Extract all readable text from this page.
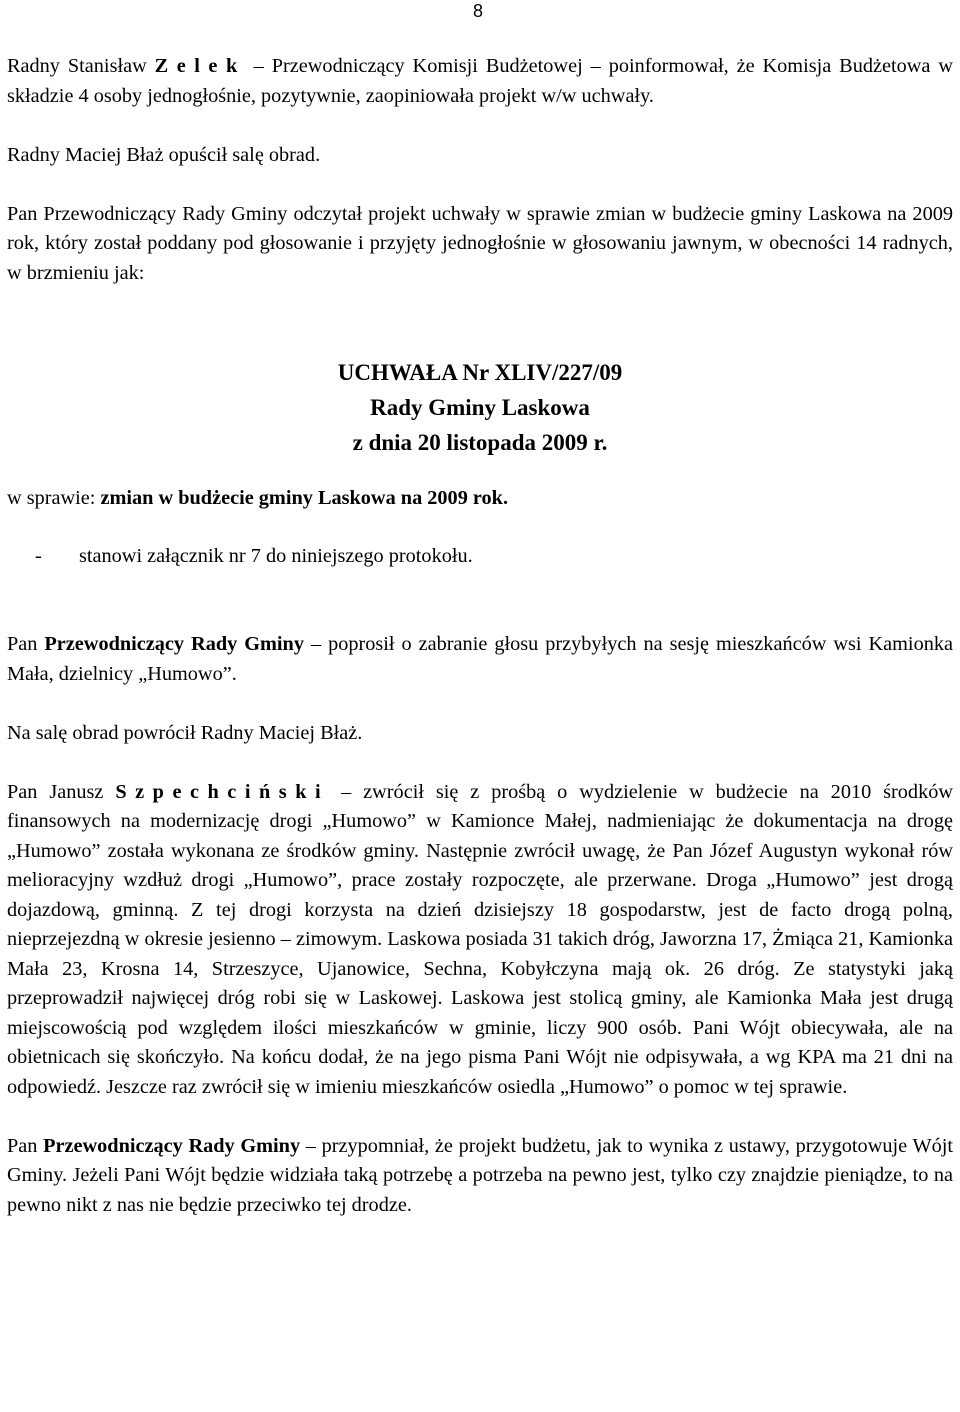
8

Radny Stanisław Zelek – Przewodniczący Komisji Budżetowej – poinformował, że Komisja Budżetowa w składzie 4 osoby jednogłośnie, pozytywnie, zaopiniowała projekt w/w uchwały.

Radny Maciej Błaż opuścił salę obrad.

Pan Przewodniczący Rady Gminy odczytał projekt uchwały w sprawie zmian w budżecie gminy Laskowa na 2009 rok, który został poddany pod głosowanie i przyjęty jednogłośnie w głosowaniu jawnym, w obecności 14 radnych, w brzmieniu jak:

UCHWAŁA Nr XLIV/227/09
Rady Gminy Laskowa
z dnia 20 listopada 2009 r.

w sprawie: zmian w budżecie gminy Laskowa na 2009 rok.

- stanowi załącznik nr 7 do niniejszego protokołu.

Pan Przewodniczący Rady Gminy – poprosił o zabranie głosu przybyłych na sesję mieszkańców wsi Kamionka Mała, dzielnicy „Humowo”.

Na salę obrad powrócił Radny Maciej Błaż.

Pan Janusz Szpechciński – zwrócił się z prośbą o wydzielenie w budżecie na 2010 środków finansowych na modernizację drogi „Humowo” w Kamionce Małej, nadmieniając że dokumentacja na drogę „Humowo” została wykonana ze środków gminy. Następnie zwrócił uwagę, że Pan Józef Augustyn wykonał rów melioracyjny wzdłuż drogi „Humowo”, prace zostały rozpoczęte, ale przerwane. Droga „Humowo” jest drogą dojazdową, gminną. Z tej drogi korzysta na dzień dzisiejszy 18 gospodarstw, jest de facto drogą polną, nieprzejezdną w okresie jesienno – zimowym. Laskowa posiada 31 takich dróg, Jaworzna 17, Żmiąca 21, Kamionka Mała 23, Krosna 14, Strzeszyce, Ujanowice, Sechna, Kobyłczyna mają ok. 26 dróg. Ze statystyki jaką przeprowadził najwięcej dróg robi się w Laskowej. Laskowa jest stolicą gminy, ale Kamionka Mała jest drugą miejscowością pod względem ilości mieszkańców w gminie, liczy 900 osób. Pani Wójt obiecywała, ale na obietnicach się skończyło. Na końcu dodał, że na jego pisma Pani Wójt nie odpisywała, a wg KPA ma 21 dni na odpowiedź. Jeszcze raz zwrócił się w imieniu mieszkańców osiedla „Humowo” o pomoc w tej sprawie.

Pan Przewodniczący Rady Gminy – przypomniał, że projekt budżetu, jak to wynika z ustawy, przygotowuje Wójt Gminy. Jeżeli Pani Wójt będzie widziała taką potrzebę a potrzeba na pewno jest, tylko czy znajdzie pieniądze, to na pewno nikt z nas nie będzie przeciwko tej drodze.
